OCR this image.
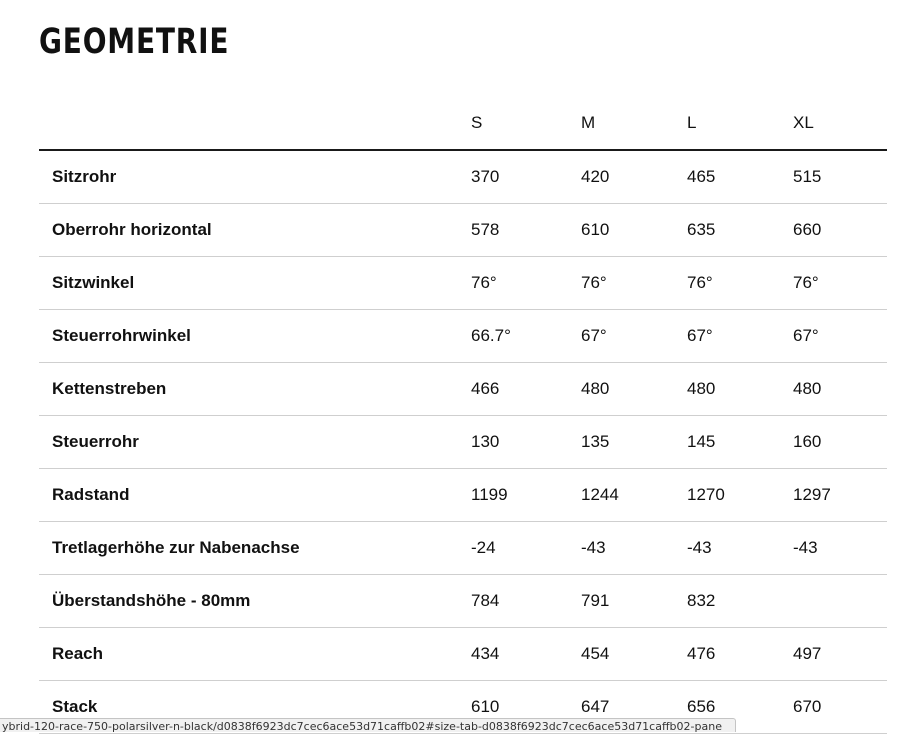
GEOMETRIE
	S	M	L	XL
Sitzrohr	370	420	465	515
Oberrohr horizontal	578	610	635	660
Sitzwinkel	76°	76°	76°	76°
Steuerrohrwinkel	66.7°	67°	67°	67°
Kettenstreben	466	480	480	480
Steuerrohr	130	135	145	160
Radstand	1199	1244	1270	1297
Tretlagerhöhe zur Nabenachse	-24	-43	-43	-43
Überstandshöhe - 80mm	784	791	832	
Reach	434	454	476	497
Stack	610	647	656	670
ybrid-120-race-750-polarsilver-n-black/d0838f6923dc7cec6ace53d71caffb02#size-tab-d0838f6923dc7cec6ace53d71caffb02-pane
